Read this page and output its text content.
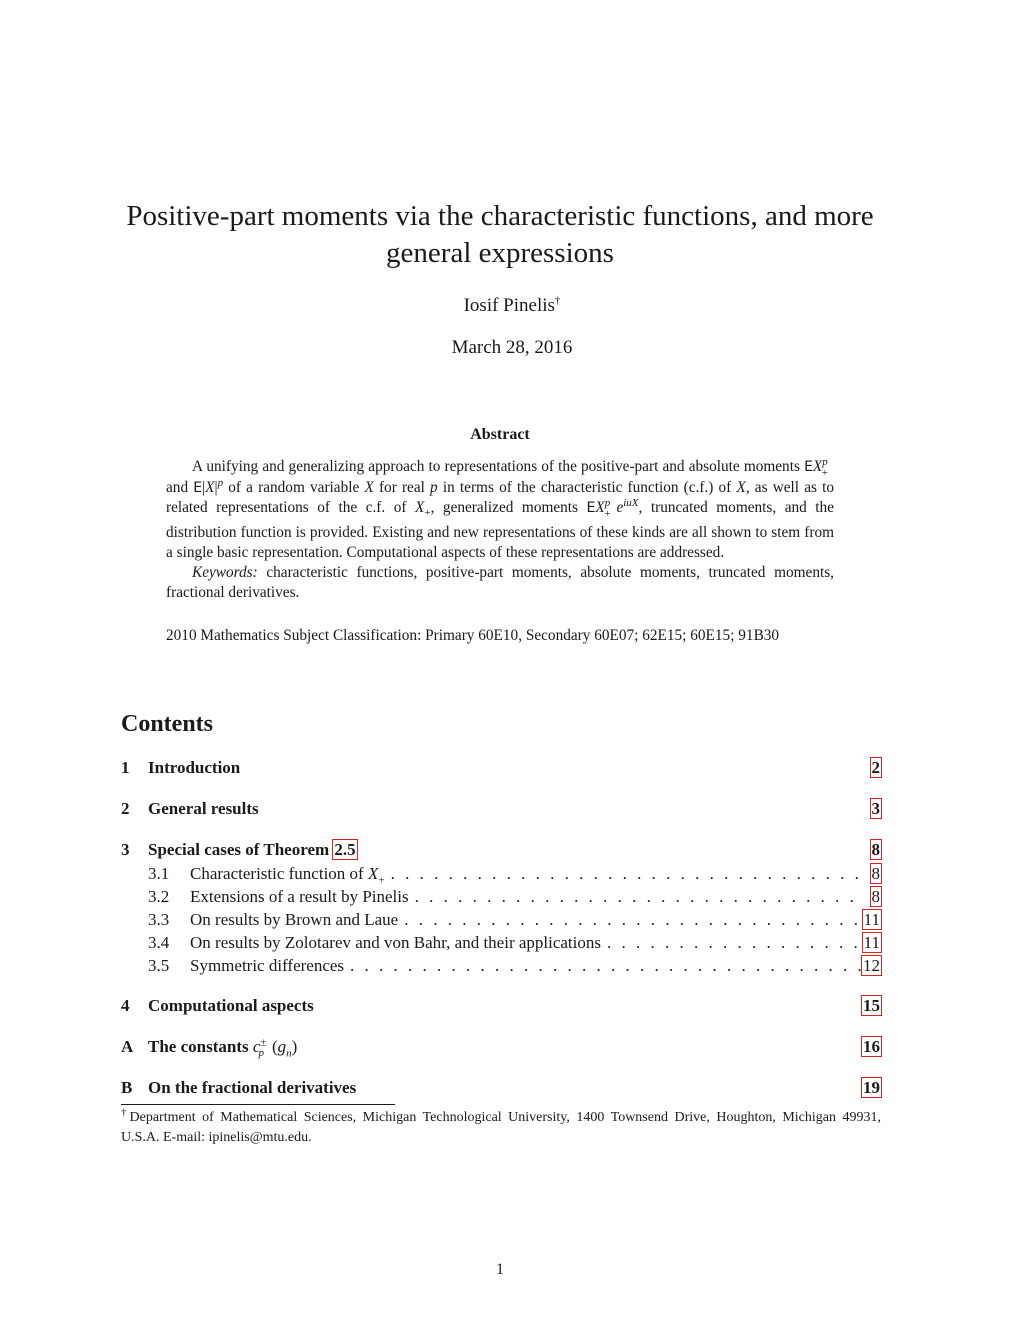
Positive-part moments via the characteristic functions, and more general expressions
Iosif Pinelis†
March 28, 2016
Abstract

A unifying and generalizing approach to representations of the positive-part and absolute moments $EX^p_+$ and $E|X|^p$ of a random variable X for real p in terms of the characteristic function (c.f.) of X, as well as to related representations of the c.f. of $X_+$, generalized moments $EX^p_+$ $e^{iuX}$, truncated moments, and the distribution function is provided. Existing and new representations of these kinds are all shown to stem from a single basic representation. Computational aspects of these representations are addressed.

Keywords: characteristic functions, positive-part moments, absolute moments, truncated moments, fractional derivatives.

2010 Mathematics Subject Classification: Primary 60E10, Secondary 60E07; 62E15; 60E15; 91B30
Contents
1	Introduction	2
2	General results	3
3	Special cases of Theorem 2.5	8
3.1	Characteristic function of $X_+$ . . .	8
3.2	Extensions of a result by Pinelis . . .	8
3.3	On results by Brown and Laue . . .	11
3.4	On results by Zolotarev and von Bahr, and their applications . . .	11
3.5	Symmetric differences . . .	12
4	Computational aspects	15
A The constants $c^\pm_p$ $(g_n)$	16
B On the fractional derivatives	19
†Department of Mathematical Sciences, Michigan Technological University, 1400 Townsend Drive, Houghton, Michigan 49931, U.S.A. E-mail: ipinelis@mtu.edu.
1
